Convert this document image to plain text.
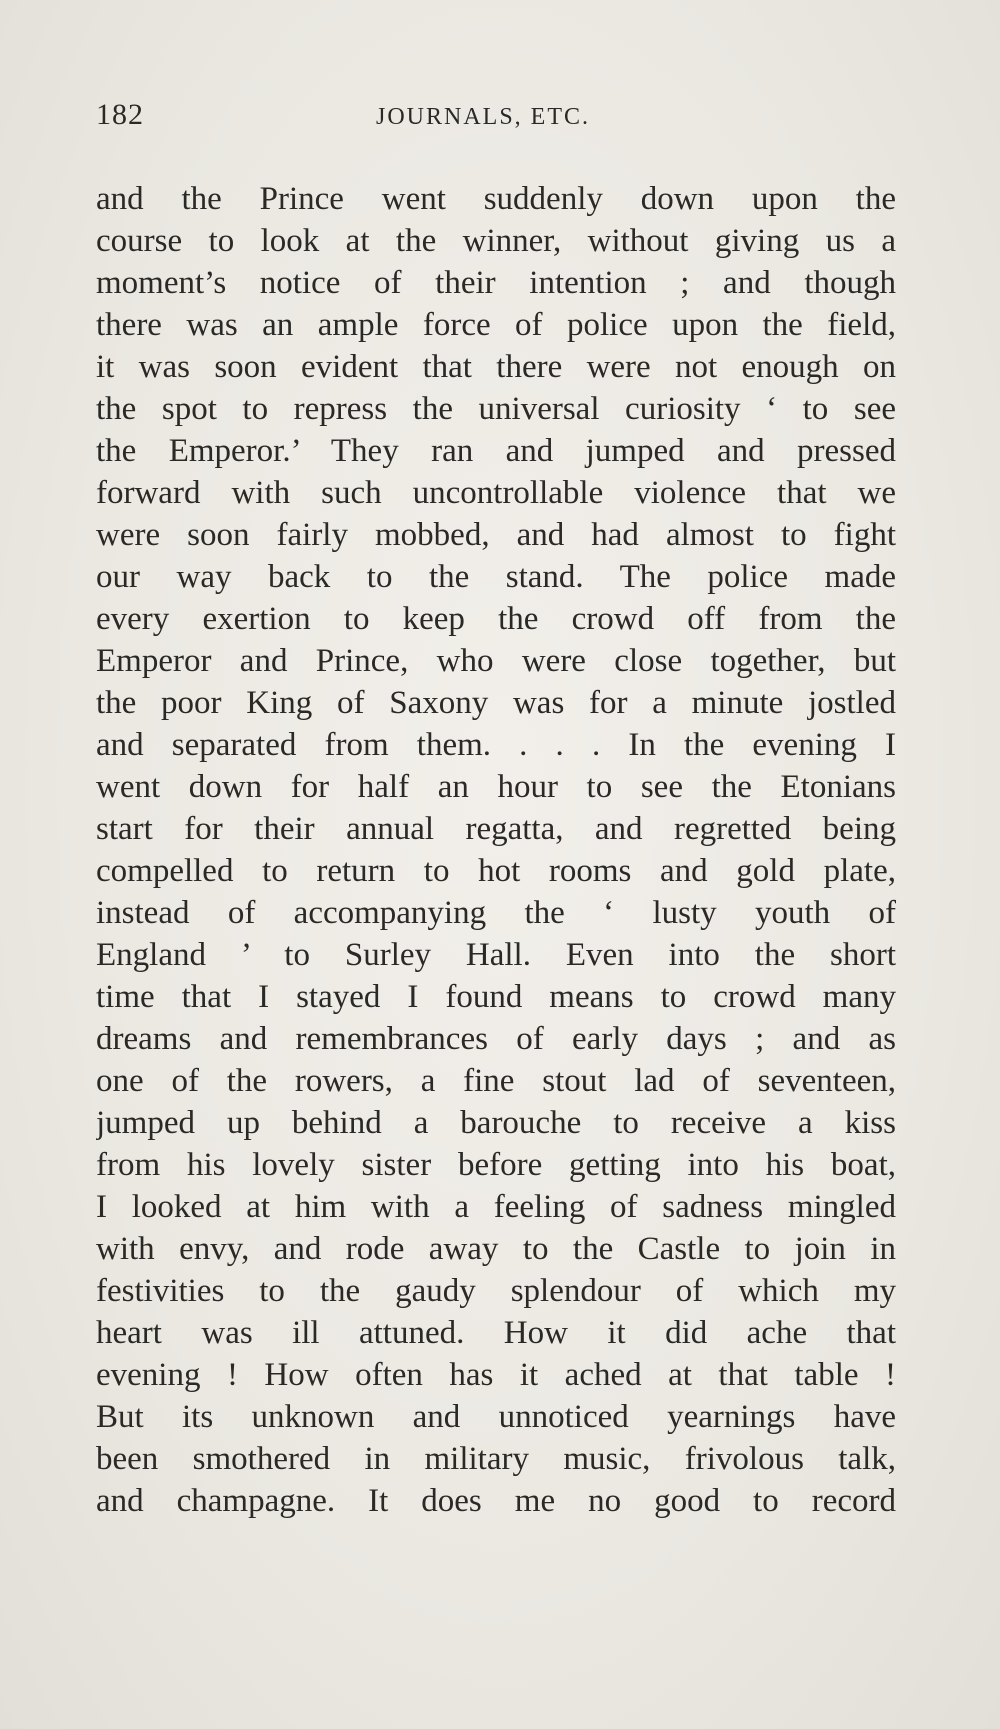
182	JOURNALS, ETC.
and the Prince went suddenly down upon the
course to look at the winner, without giving us a
moment’s notice of their intention ; and though
there was an ample force of police upon the field,
it was soon evident that there were not enough on
the spot to repress the universal curiosity ‘ to see
the Emperor.’ They ran and jumped and pressed
forward with such uncontrollable violence that we
were soon fairly mobbed, and had almost to fight
our way back to the stand. The police made
every exertion to keep the crowd off from the
Emperor and Prince, who were close together, but
the poor King of Saxony was for a minute jostled
and separated from them. . . . In the evening I
went down for half an hour to see the Etonians
start for their annual regatta, and regretted being
compelled to return to hot rooms and gold plate,
instead of accompanying the ‘ lusty youth of
England ’ to Surley Hall. Even into the short
time that I stayed I found means to crowd many
dreams and remembrances of early days ; and as
one of the rowers, a fine stout lad of seventeen,
jumped up behind a barouche to receive a kiss
from his lovely sister before getting into his boat,
I looked at him with a feeling of sadness mingled
with envy, and rode away to the Castle to join in
festivities to the gaudy splendour of which my
heart was ill attuned. How it did ache that
evening ! How often has it ached at that table !
But its unknown and unnoticed yearnings have
been smothered in military music, frivolous talk,
and champagne. It does me no good to record
